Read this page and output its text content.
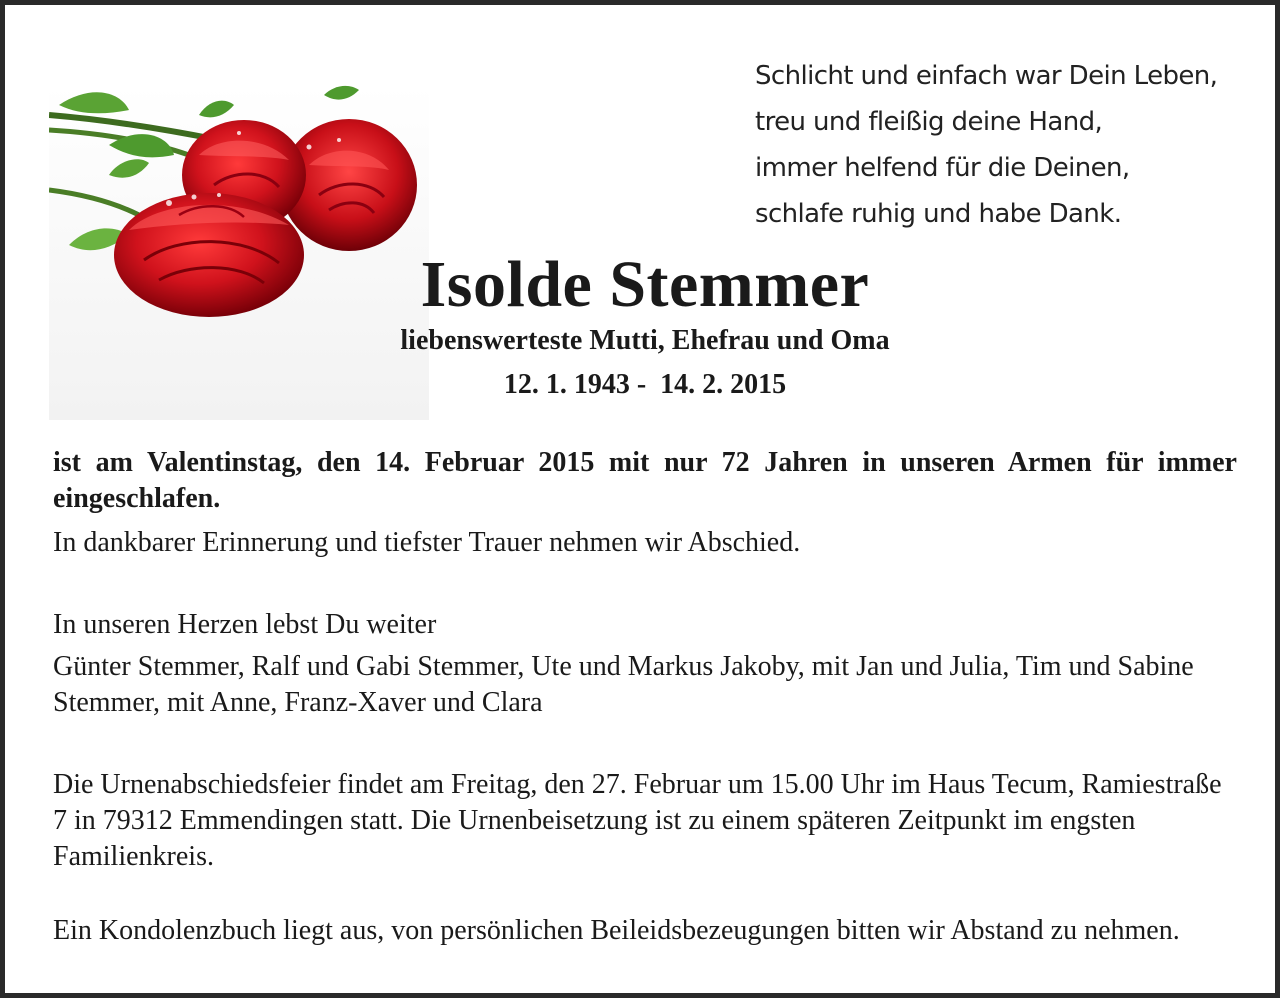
Schlicht und einfach war Dein Leben,
treu und fleißig deine Hand,
immer helfend für die Deinen,
schlafe ruhig und habe Dank.
Isolde Stemmer
liebenswerteste Mutti, Ehefrau und Oma
12. 1. 1943 -  14. 2. 2015
ist am Valentinstag, den 14. Februar 2015 mit nur 72 Jahren in unseren Armen für immer eingeschlafen.
In dankbarer Erinnerung und tiefster Trauer nehmen wir Abschied.
In unseren Herzen lebst Du weiter
Günter Stemmer, Ralf und Gabi Stemmer, Ute und Markus Jakoby, mit Jan und Julia, Tim und Sabine Stemmer, mit Anne, Franz-Xaver und Clara
Die Urnenabschiedsfeier findet am Freitag, den 27. Februar um 15.00 Uhr im Haus Tecum, Ramiestraße 7 in 79312 Emmendingen statt. Die Urnenbeisetzung ist zu einem späteren Zeitpunkt im engsten Familienkreis.
Ein Kondolenzbuch liegt aus, von persönlichen Beileidsbezeugungen bitten wir Abstand zu nehmen.
